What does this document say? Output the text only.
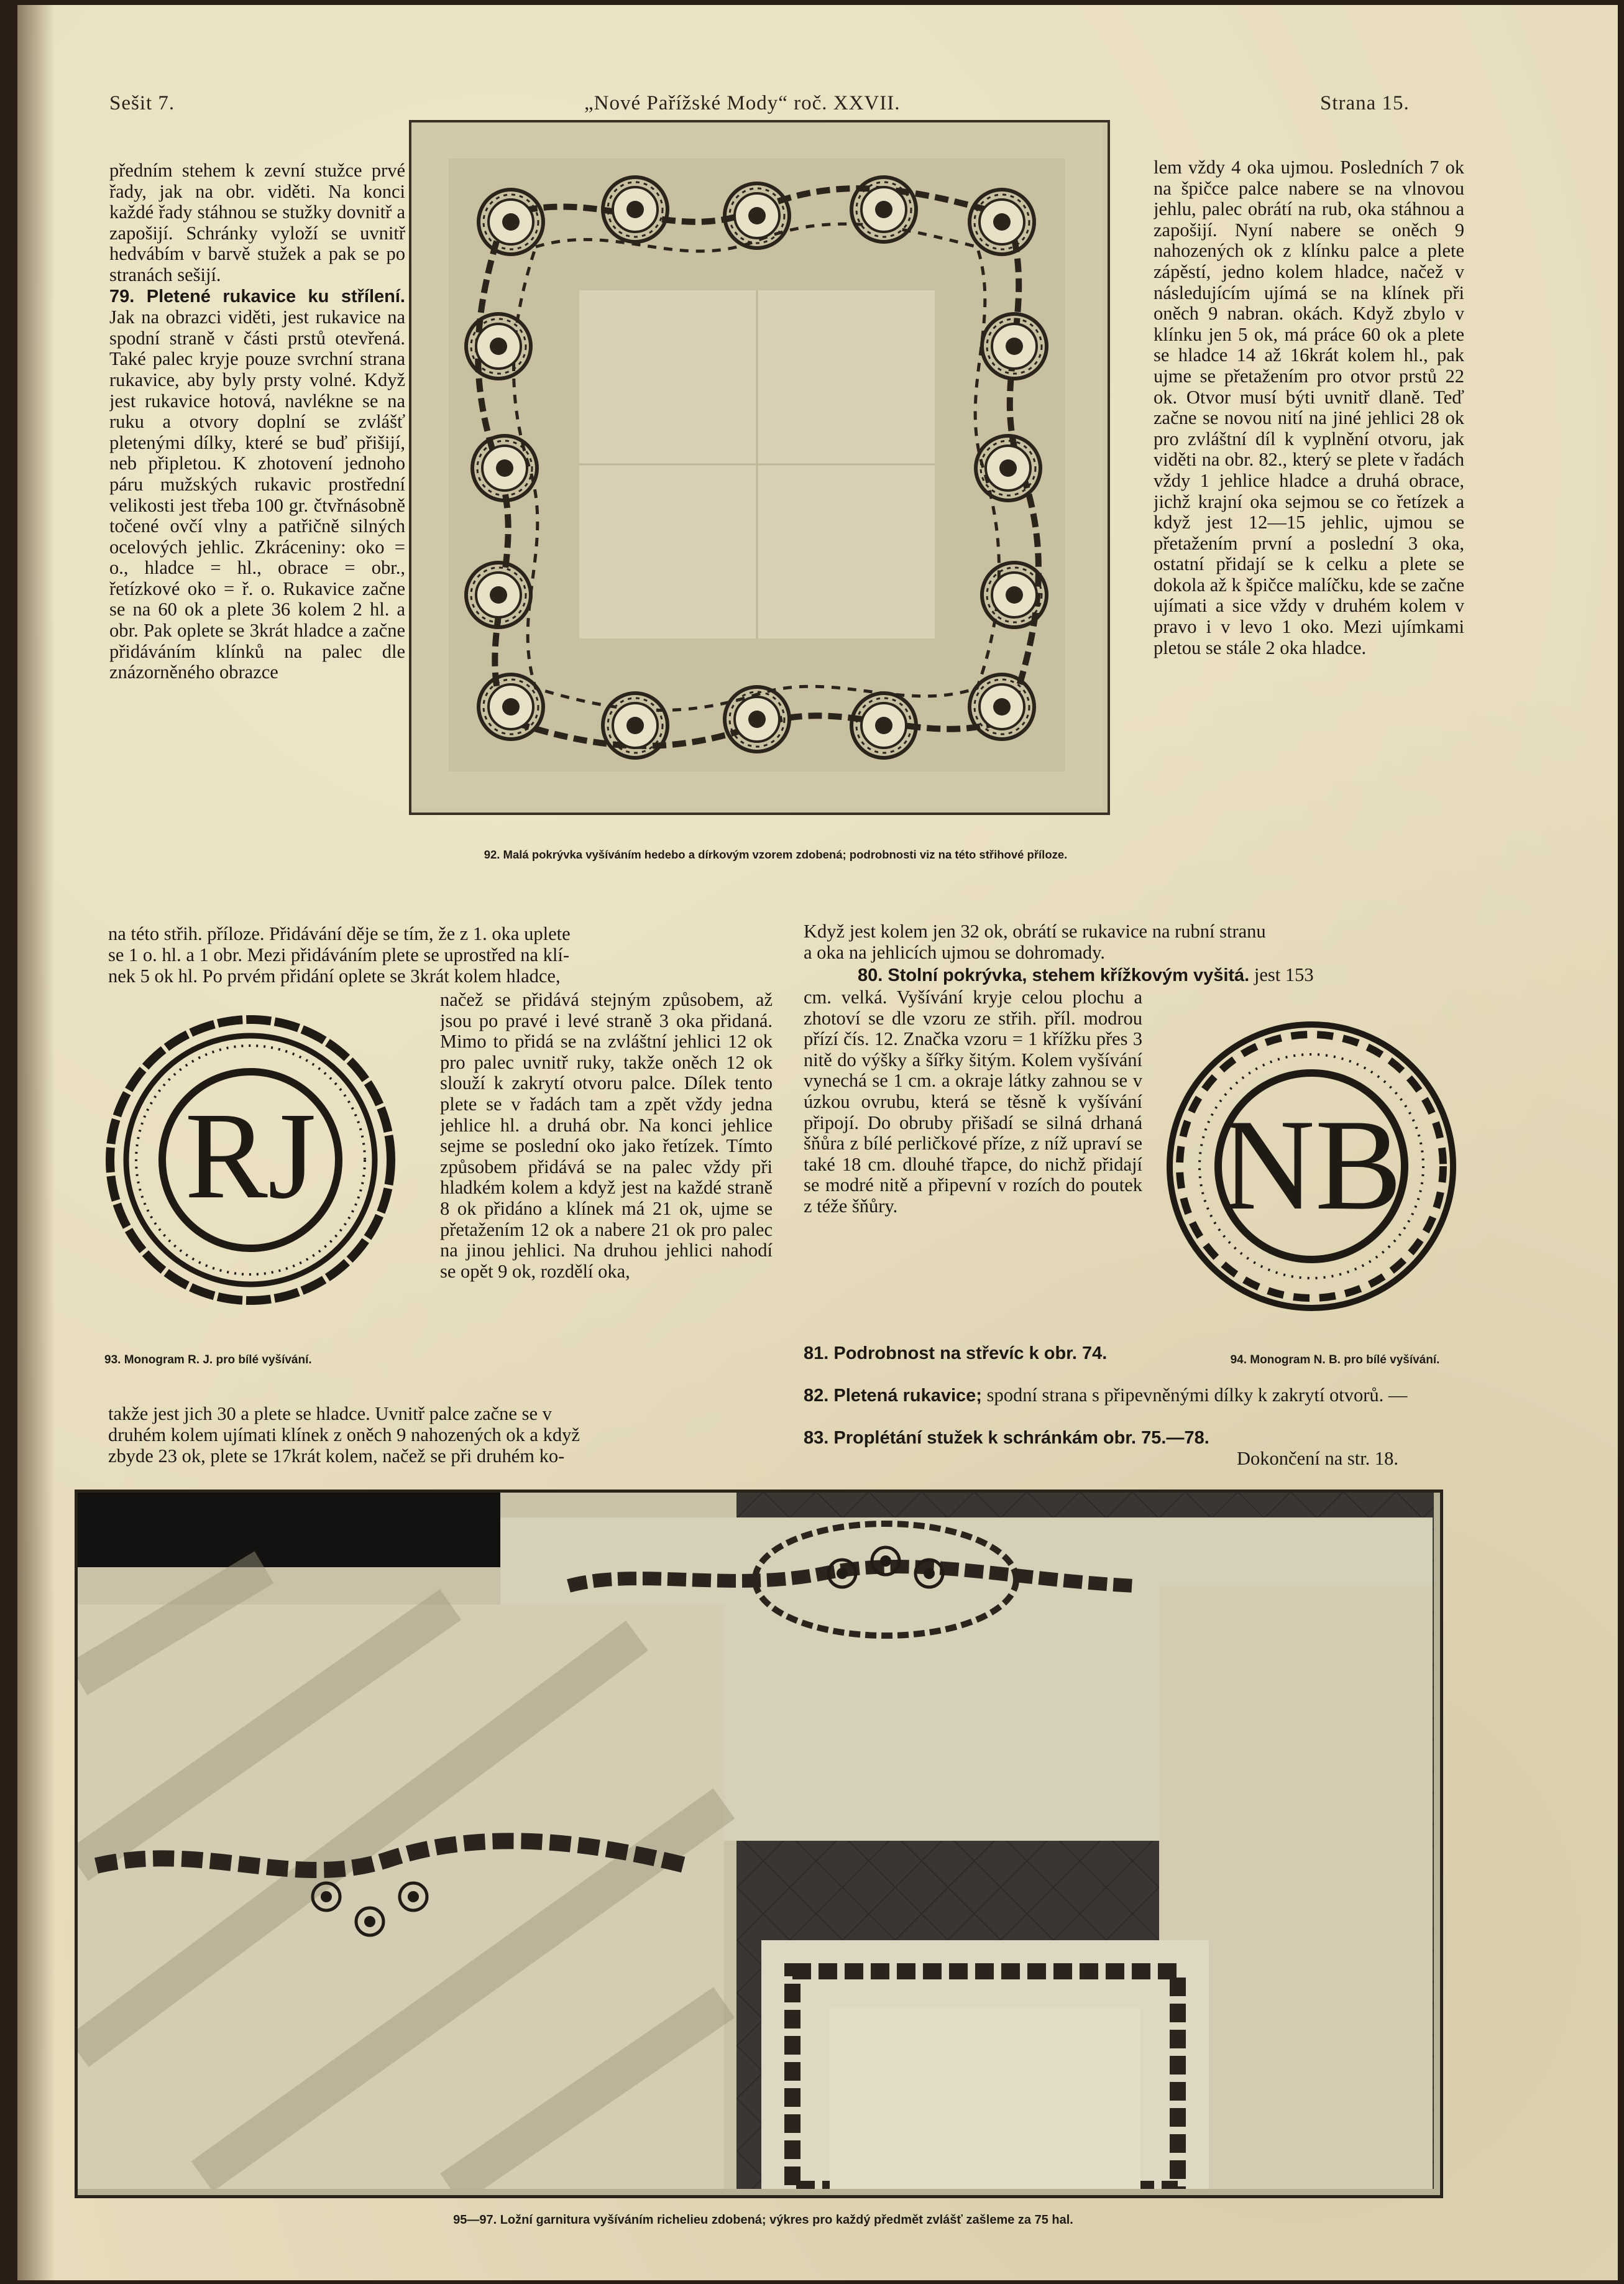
Sešit 7.	„Nové Pařížské Mody“ roč. XXVII.	Strana 15.

92. Malá pokrývka vyšíváním hedebo a dírkovým vzorem zdobená; podrobnosti viz na této střihové příloze.

předním stehem k zevní stužce prvé řady, jak na obr. viděti. Na konci každé řady stáhnou se stužky dovnitř a zapošijí. Schránky vyloží se uvnitř hedvábím v barvě stužek a pak se po stranách sešijí.

79. Pletené rukavice ku střílení. Jak na obrazci viděti, jest rukavice na spodní straně v části prstů otevřená. Také palec kryje pouze svrchní strana rukavice, aby byly prsty volné. Když jest rukavice hotová, navlékne se na ruku a otvory doplní se zvlášť pletenými dílky, které se buď přišijí, neb připletou. K zhotovení jednoho páru mužských rukavic prostřední velikosti jest třeba 100 gr. čtvřnásobně točené ovčí vlny a patřičně silných ocelových jehlic. Zkráceniny: oko = o., hladce = hl., obrace = obr., řetízkové oko = ř. o. Rukavice začne se na 60 ok a plete 36 kolem 2 hl. a obr. Pak oplete se 3krát hladce a začne přidáváním klínků na palec dle znázorněného obrazce

lem vždy 4 oka ujmou. Posledních 7 ok na špičce palce nabere se na vlnovou jehlu, palec obrátí na rub, oka stáhnou a zapošijí. Nyní nabere se oněch 9 nahozených ok z klínku palce a plete zápěstí, jedno kolem hladce, načež v následujícím ujímá se na klínek při oněch 9 nabran. okách. Když zbylo v klínku jen 5 ok, má práce 60 ok a plete se hladce 14 až 16krát kolem hl., pak ujme se přetažením pro otvor prstů 22 ok. Otvor musí býti uvnitř dlaně. Teď začne se novou nití na jiné jehlici 28 ok pro zvláštní díl k vyplnění otvoru, jak viděti na obr. 82., který se plete v řadách vždy 1 jehlice hladce a druhá obrace, jichž krajní oka sejmou se co řetízek a když jest 12—15 jehlic, ujmou se přetažením první a poslední 3 oka, ostatní přidají se k celku a plete se dokola až k špičce malíčku, kde se začne ujímati a sice vždy v druhém kolem v pravo i v levo 1 oko. Mezi ujímkami pletou se stále 2 oka hladce.

na této střih. příloze. Přidávání děje se tím, že z 1. oka uplete

se 1 o. hl. a 1 obr. Mezi přidáváním plete se uprostřed na klí-

nek 5 ok hl. Po prvém přidání oplete se 3krát kolem hladce,

Když jest kolem jen 32 ok, obrátí se rukavice na rubní stranu

a oka na jehlicích ujmou se dohromady.

RJ

93. Monogram R. J. pro bílé vyšívání.

načež se přidává stejným způsobem, až jsou po pravé i levé straně 3 oka přidaná. Mimo to přidá se na zvláštní jehlici 12 ok pro palec uvnitř ruky, takže oněch 12 ok slouží k zakrytí otvoru palce. Dílek tento plete se v řadách tam a zpět vždy jedna jehlice hl. a druhá obr. Na konci jehlice sejme se poslední oko jako řetízek. Tímto způsobem přidává se na palec vždy při hladkém kolem a když jest na každé straně 8 ok přidáno a klínek má 21 ok, ujme se přetažením 12 ok a nabere 21 ok pro palec na jinou jehlici. Na druhou jehlici nahodí se opět 9 ok, rozdělí oka,

80. Stolní pokrývka, stehem křížkovým vyšitá. jest 153

cm. velká. Vyšívání kryje celou plochu a zhotoví se dle vzoru ze střih. příl. modrou přízí čís. 12. Značka vzoru = 1 křížku přes 3 nitě do výšky a šířky šitým. Kolem vyšívání vynechá se 1 cm. a okraje látky zahnou se v úzkou ovrubu, která se těsně k vyšívání připojí. Do obruby přišadí se silná drhaná šňůra z bílé perličkové příze, z níž upraví se také 18 cm. dlouhé třapce, do nichž přidají se modré nitě a připevní v rozích do poutek z téže šňůry.	NB

94. Monogram N. B. pro bílé vyšívání.

81. Podrobnost na střevíc k obr. 74.

82. Pletená rukavice; spodní strana s připevněnými dílky k zakrytí otvorů. —

83. Proplétání stužek k schránkám obr. 75.—78.

Dokončení na str. 18.

takže jest jich 30 a plete se hladce. Uvnitř palce začne se v

druhém kolem ujímati klínek z oněch 9 nahozených ok a když

zbyde 23 ok, plete se 17krát kolem, načež se při druhém ko-

95—97. Ložní garnitura vyšíváním richelieu zdobená; výkres pro každý předmět zvlášť zašleme za 75 hal.
